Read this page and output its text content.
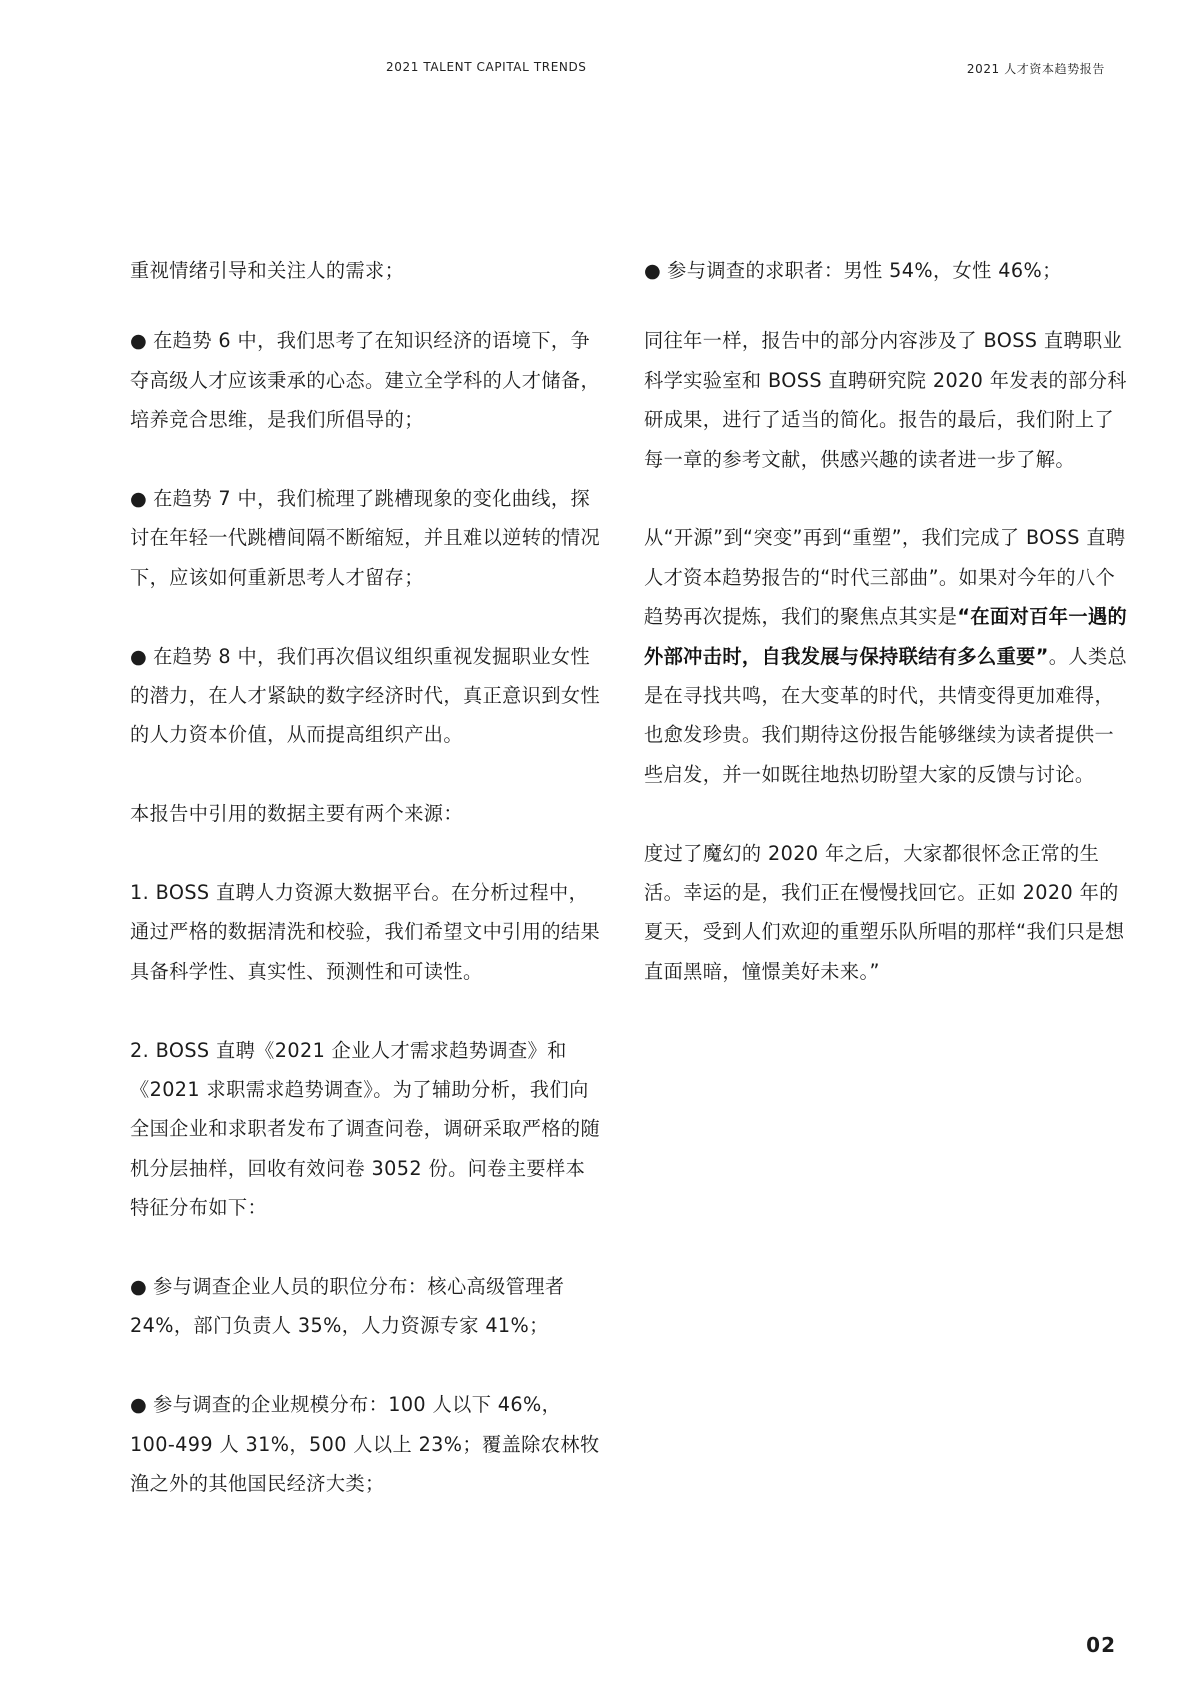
2021 TALENT CAPITAL TRENDS	2021 人才资本趋势报告

重视情绪引导和关注人的需求；

● 在趋势 6 中，我们思考了在知识经济的语境下，争夺高级人才应该秉承的心态。建立全学科的人才储备，培养竞合思维，是我们所倡导的；

● 在趋势 7 中，我们梳理了跳槽现象的变化曲线，探讨在年轻一代跳槽间隔不断缩短，并且难以逆转的情况下，应该如何重新思考人才留存；

● 在趋势 8 中，我们再次倡议组织重视发掘职业女性的潜力，在人才紧缺的数字经济时代，真正意识到女性的人力资本价值，从而提高组织产出。

本报告中引用的数据主要有两个来源：

1. BOSS 直聘人力资源大数据平台。在分析过程中，通过严格的数据清洗和校验，我们希望文中引用的结果具备科学性、真实性、预测性和可读性。

2. BOSS 直聘《2021 企业人才需求趋势调查》和《2021 求职需求趋势调查》。为了辅助分析，我们向全国企业和求职者发布了调查问卷，调研采取严格的随机分层抽样，回收有效问卷 3052 份。问卷主要样本特征分布如下：

● 参与调查企业人员的职位分布：核心高级管理者 24%，部门负责人 35%，人力资源专家 41%；

● 参与调查的企业规模分布：100 人以下 46%，100-499 人 31%，500 人以上 23%；覆盖除农林牧渔之外的其他国民经济大类；

● 参与调查的求职者：男性 54%，女性 46%；

同往年一样，报告中的部分内容涉及了 BOSS 直聘职业科学实验室和 BOSS 直聘研究院 2020 年发表的部分科研成果，进行了适当的简化。报告的最后，我们附上了每一章的参考文献，供感兴趣的读者进一步了解。

从“开源”到“突变”再到“重塑”，我们完成了 BOSS 直聘人才资本趋势报告的“时代三部曲”。如果对今年的八个趋势再次提炼，我们的聚焦点其实是“在面对百年一遇的外部冲击时，自我发展与保持联结有多么重要”。人类总是在寻找共鸣，在大变革的时代，共情变得更加难得，也愈发珍贵。我们期待这份报告能够继续为读者提供一些启发，并一如既往地热切盼望大家的反馈与讨论。

度过了魔幻的 2020 年之后，大家都很怀念正常的生活。幸运的是，我们正在慢慢找回它。正如 2020 年的夏天，受到人们欢迎的重塑乐队所唱的那样“我们只是想直面黑暗，憧憬美好未来。”

02
